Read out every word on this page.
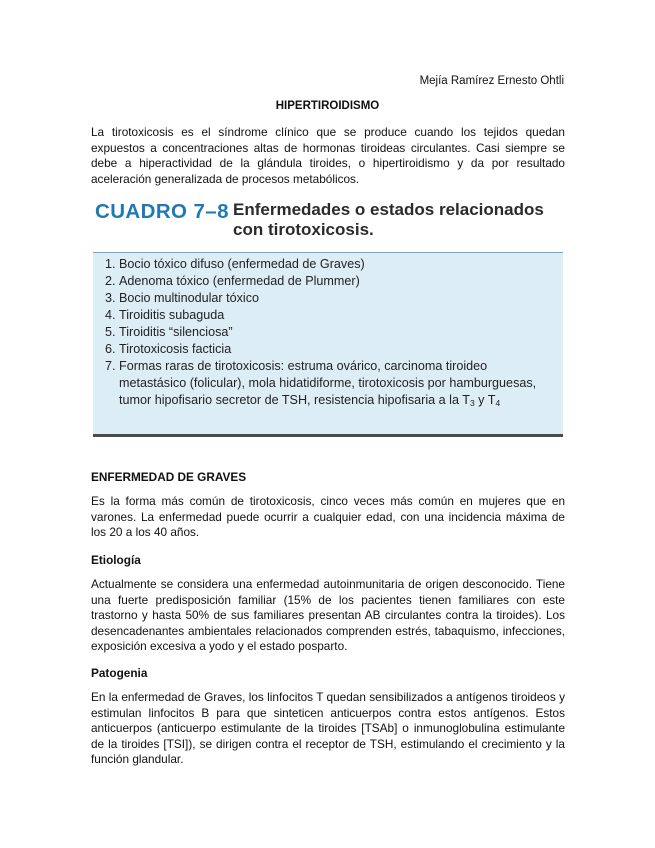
Mejía Ramírez Ernesto Ohtli
HIPERTIROIDISMO

La tirotoxicosis es el síndrome clínico que se produce cuando los tejidos quedan expuestos a concentraciones altas de hormonas tiroideas circulantes. Casi siempre se debe a hiperactividad de la glándula tiroides, o hipertiroidismo y da por resultado aceleración generalizada de procesos metabólicos.

CUADRO 7–8 Enfermedades o estados relacionados con tirotoxicosis.
1. Bocio tóxico difuso (enfermedad de Graves)
2. Adenoma tóxico (enfermedad de Plummer)
3. Bocio multinodular tóxico
4. Tiroiditis subaguda
5. Tiroiditis “silenciosa”
6. Tirotoxicosis facticia
7. Formas raras de tirotoxicosis: estruma ovárico, carcinoma tiroideo metastásico (folicular), mola hidatidiforme, tirotoxicosis por hamburguesas, tumor hipofisario secretor de TSH, resistencia hipofisaria a la $T_3$ y $T_4$

ENFERMEDAD DE GRAVES

Es la forma más común de tirotoxicosis, cinco veces más común en mujeres que en varones. La enfermedad puede ocurrir a cualquier edad, con una incidencia máxima de los 20 a los 40 años.

Etiología

Actualmente se considera una enfermedad autoinmunitaria de origen desconocido. Tiene una fuerte predisposición familiar (15% de los pacientes tienen familiares con este trastorno y hasta 50% de sus familiares presentan AB circulantes contra la tiroides). Los desencadenantes ambientales relacionados comprenden estrés, tabaquismo, infecciones, exposición excesiva a yodo y el estado posparto.

Patogenia

En la enfermedad de Graves, los linfocitos T quedan sensibilizados a antígenos tiroideos y estimulan linfocitos B para que sinteticen anticuerpos contra estos antígenos. Estos anticuerpos (anticuerpo estimulante de la tiroides [TSAb] o inmunoglobulina estimulante de la tiroides [TSI]), se dirigen contra el receptor de TSH, estimulando el crecimiento y la función glandular.
